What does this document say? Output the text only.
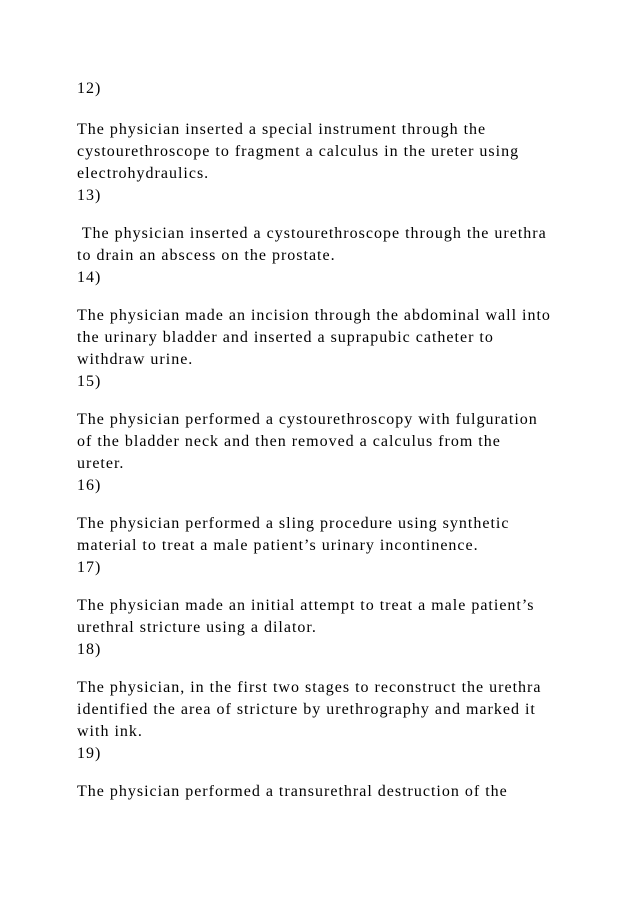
12)
The physician inserted a special instrument through the
cystourethroscope to fragment a calculus in the ureter using
electrohydraulics.
13)
The physician inserted a cystourethroscope through the urethra
to drain an abscess on the prostate.
14)
The physician made an incision through the abdominal wall into
the urinary bladder and inserted a suprapubic catheter to
withdraw urine.
15)
The physician performed a cystourethroscopy with fulguration
of the bladder neck and then removed a calculus from the
ureter.
16)
The physician performed a sling procedure using synthetic
material to treat a male patient’s urinary incontinence.
17)
The physician made an initial attempt to treat a male patient’s
urethral stricture using a dilator.
18)
The physician, in the first two stages to reconstruct the urethra
identified the area of stricture by urethrography and marked it
with ink.
19)
The physician performed a transurethral destruction of the
